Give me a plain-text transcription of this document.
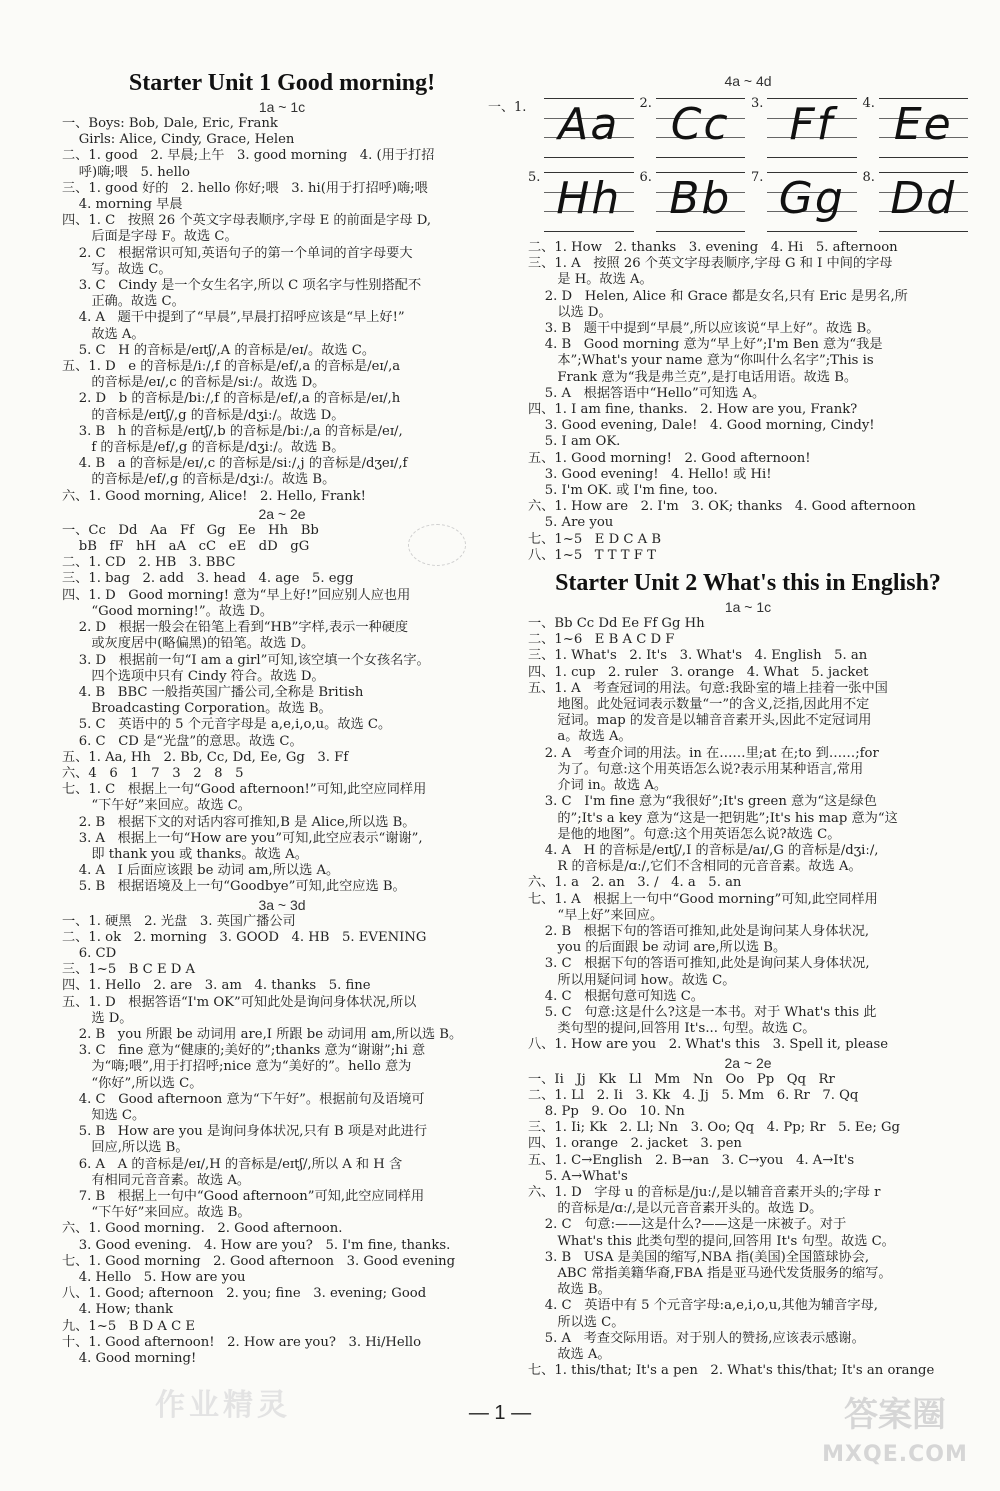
Starter Unit 1 Good morning!
1a ~ 1c
一、Boys: Bob, Dale, Eric, Frank
Girls: Alice, Cindy, Grace, Helen
二、1. good   2. 早晨;上午   3. good morning   4. (用于打招
呼)嗨;喂   5. hello
三、1. good 好的   2. hello 你好;喂   3. hi(用于打招呼)嗨;喂
4. morning 早晨
四、1. C   按照 26 个英文字母表顺序,字母 E 的前面是字母 D,
后面是字母 F。故选 C。
2. C   根据常识可知,英语句子的第一个单词的首字母要大
写。故选 C。
3. C   Cindy 是一个女生名字,所以 C 项名字与性别搭配不
正确。故选 C。
4. A   题干中提到了“早晨”,早晨打招呼应该是“早上好!”
故选 A。
5. C   H 的音标是/eɪtʃ/,A 的音标是/eɪ/。故选 C。
五、1. D   e 的音标是/iː/,f 的音标是/ef/,a 的音标是/eɪ/,a
的音标是/eɪ/,c 的音标是/siː/。故选 D。
2. D   b 的音标是/biː/,f 的音标是/ef/,a 的音标是/eɪ/,h
的音标是/eɪtʃ/,g 的音标是/dʒiː/。故选 D。
3. B   h 的音标是/eɪtʃ/,b 的音标是/biː/,a 的音标是/eɪ/,
f 的音标是/ef/,g 的音标是/dʒiː/。故选 B。
4. B   a 的音标是/eɪ/,c 的音标是/siː/,j 的音标是/dʒeɪ/,f
的音标是/ef/,g 的音标是/dʒiː/。故选 B。
六、1. Good morning, Alice!   2. Hello, Frank!
2a ~ 2e
一、Cc   Dd   Aa   Ff   Gg   Ee   Hh   Bb
bB   fF   hH   aA   cC   eE   dD   gG
二、1. CD   2. HB   3. BBC
三、1. bag   2. add   3. head   4. age   5. egg
四、1. D   Good morning! 意为“早上好!”回应别人应也用
“Good morning!”。故选 D。
2. D   根据一般会在铅笔上看到“HB”字样,表示一种硬度
或灰度居中(略偏黑)的铅笔。故选 D。
3. D   根据前一句“I am a girl”可知,该空填一个女孩名字。
四个选项中只有 Cindy 符合。故选 D。
4. B   BBC 一般指英国广播公司,全称是 British
Broadcasting Corporation。故选 B。
5. C   英语中的 5 个元音字母是 a,e,i,o,u。故选 C。
6. C   CD 是“光盘”的意思。故选 C。
五、1. Aa, Hh   2. Bb, Cc, Dd, Ee, Gg   3. Ff
六、4   6   1   7   3   2   8   5
七、1. C   根据上一句“Good afternoon!”可知,此空应同样用
“下午好”来回应。故选 C。
2. B   根据下文的对话内容可推知,B 是 Alice,所以选 B。
3. A   根据上一句“How are you”可知,此空应表示“谢谢”,
即 thank you 或 thanks。故选 A。
4. A   I 后面应该跟 be 动词 am,所以选 A。
5. B   根据语境及上一句“Goodbye”可知,此空应选 B。
3a ~ 3d
一、1. 硬黑   2. 光盘   3. 英国广播公司
二、1. ok   2. morning   3. GOOD   4. HB   5. EVENING
6. CD
三、1~5   B C E D A
四、1. Hello   2. are   3. am   4. thanks   5. fine
五、1. D   根据答语“I'm OK”可知此处是询问身体状况,所以
选 D。
2. B   you 所跟 be 动词用 are,I 所跟 be 动词用 am,所以选 B。
3. C   fine 意为“健康的;美好的”;thanks 意为“谢谢”;hi 意
为“嗨;喂”,用于打招呼;nice 意为“美好的”。hello 意为
“你好”,所以选 C。
4. C   Good afternoon 意为“下午好”。根据前句及语境可
知选 C。
5. B   How are you 是询问身体状况,只有 B 项是对此进行
回应,所以选 B。
6. A   A 的音标是/eɪ/,H 的音标是/eɪtʃ/,所以 A 和 H 含
有相同元音音素。故选 A。
7. B   根据上一句中“Good afternoon”可知,此空应同样用
“下午好”来回应。故选 B。
六、1. Good morning.   2. Good afternoon.
3. Good evening.   4. How are you?   5. I'm fine, thanks.
七、1. Good morning   2. Good afternoon   3. Good evening
4. Hello   5. How are you
八、1. Good; afternoon   2. you; fine   3. evening; Good
4. How; thank
九、1~5   B D A C E
十、1. Good afternoon!   2. How are you?   3. Hi/Hello
4. Good morning!
4a ~ 4d
一、1. Aa	2. Cc	3. Ff	4. Ee
5. Hh	6. Bb	7. Gg	8. Dd
二、1. How   2. thanks   3. evening   4. Hi   5. afternoon
三、1. A   按照 26 个英文字母表顺序,字母 G 和 I 中间的字母
是 H。故选 A。
2. D   Helen, Alice 和 Grace 都是女名,只有 Eric 是男名,所
以选 D。
3. B   题干中提到“早晨”,所以应该说“早上好”。故选 B。
4. B   Good morning 意为“早上好”;I'm Ben 意为“我是
本”;What's your name 意为“你叫什么名字”;This is
Frank 意为“我是弗兰克”,是打电话用语。故选 B。
5. A   根据答语中“Hello”可知选 A。
四、1. I am fine, thanks.   2. How are you, Frank?
3. Good evening, Dale!   4. Good morning, Cindy!
5. I am OK.
五、1. Good morning!   2. Good afternoon!
3. Good evening!   4. Hello! 或 Hi!
5. I'm OK. 或 I'm fine, too.
六、1. How are   2. I'm   3. OK; thanks   4. Good afternoon
5. Are you
七、1~5   E D C A B
八、1~5   T T T F T
Starter Unit 2 What's this in English?
1a ~ 1c
一、Bb Cc Dd Ee Ff Gg Hh
二、1~6   E B A C D F
三、1. What's   2. It's   3. What's   4. English   5. an
四、1. cup   2. ruler   3. orange   4. What   5. jacket
五、1. A   考查冠词的用法。句意:我卧室的墙上挂着一张中国
地图。此处冠词表示数量“一”的含义,泛指,因此用不定
冠词。map 的发音是以辅音音素开头,因此不定冠词用
a。故选 A。
2. A   考查介词的用法。in 在……里;at 在;to 到……;for
为了。句意:这个用英语怎么说?表示用某种语言,常用
介词 in。故选 A。
3. C   I'm fine 意为“我很好”;It's green 意为“这是绿色
的”;It's a key 意为“这是一把钥匙”;It's his map 意为“这
是他的地图”。句意:这个用英语怎么说?故选 C。
4. A   H 的音标是/eɪtʃ/,I 的音标是/aɪ/,G 的音标是/dʒiː/,
R 的音标是/ɑː/,它们不含相同的元音音素。故选 A。
六、1. a   2. an   3. /   4. a   5. an
七、1. A   根据上一句中“Good morning”可知,此空同样用
“早上好”来回应。
2. B   根据下句的答语可推知,此处是询问某人身体状况,
you 的后面跟 be 动词 are,所以选 B。
3. C   根据下句的答语可推知,此处是询问某人身体状况,
所以用疑问词 how。故选 C。
4. C   根据句意可知选 C。
5. C   句意:这是什么?这是一本书。对于 What's this 此
类句型的提问,回答用 It's... 句型。故选 C。
八、1. How are you   2. What's this   3. Spell it, please
2a ~ 2e
一、Ii   Jj   Kk   Ll   Mm   Nn   Oo   Pp   Qq   Rr
二、1. Ll   2. Ii   3. Kk   4. Jj   5. Mm   6. Rr   7. Qq
8. Pp   9. Oo   10. Nn
三、1. Ii; Kk   2. Ll; Nn   3. Oo; Qq   4. Pp; Rr   5. Ee; Gg
四、1. orange   2. jacket   3. pen
五、1. C→English   2. B→an   3. C→you   4. A→It's
5. A→What's
六、1. D   字母 u 的音标是/juː/,是以辅音音素开头的;字母 r
的音标是/ɑː/,是以元音音素开头的。故选 D。
2. C   句意:——这是什么?——这是一床被子。对于
What's this 此类句型的提问,回答用 It's 句型。故选 C。
3. B   USA 是美国的缩写,NBA 指(美国)全国篮球协会,
ABC 常指美籍华裔,FBA 指是亚马逊代发货服务的缩写。
故选 B。
4. C   英语中有 5 个元音字母:a,e,i,o,u,其他为辅音字母,
所以选 C。
5. A   考查交际用语。对于别人的赞扬,应该表示感谢。
故选 A。
七、1. this/that; It's a pen   2. What's this/that; It's an orange
作业精灵	— 1 —	答案圈
MXQE.COM
